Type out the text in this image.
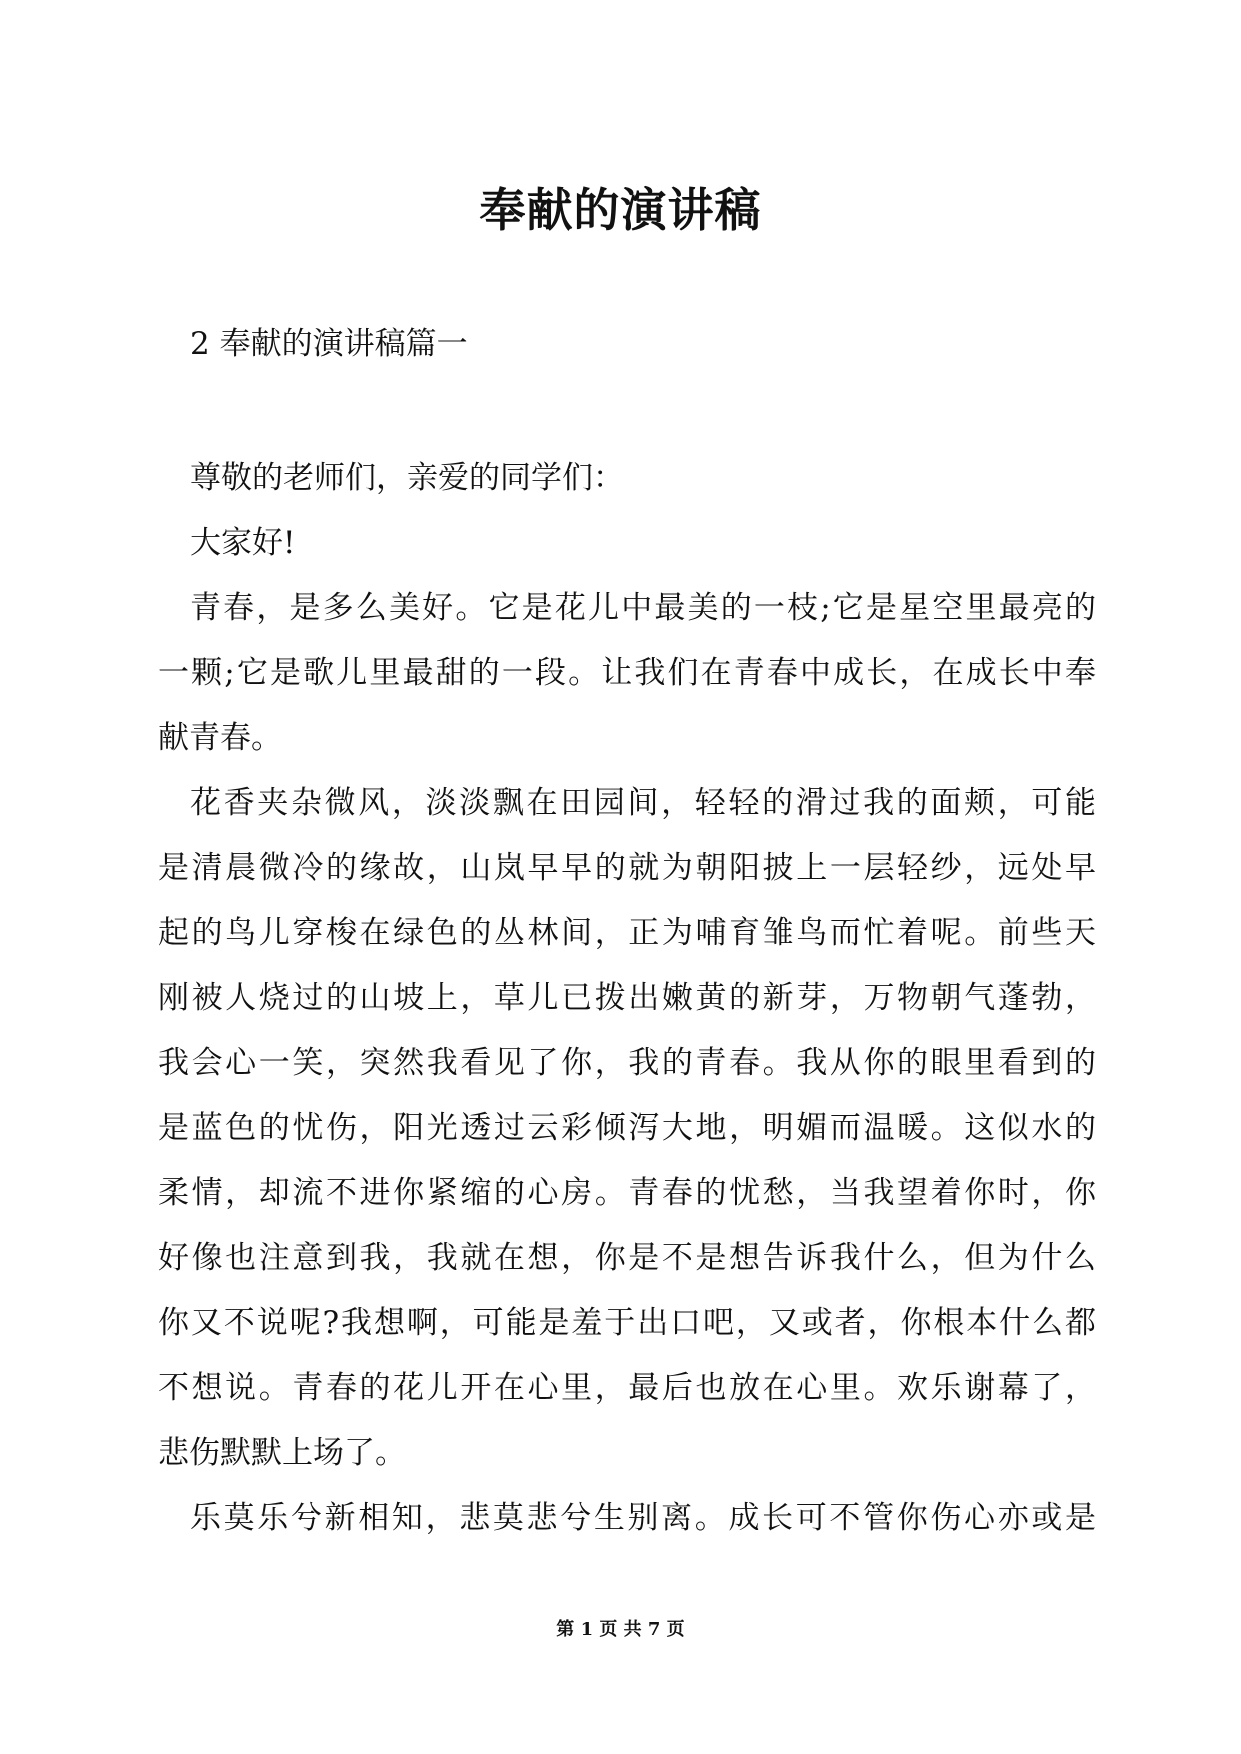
奉献的演讲稿
2 奉献的演讲稿篇一
尊敬的老师们，亲爱的同学们：
大家好!
青春，是多么美好。它是花儿中最美的一枝;它是星空里最亮的
一颗;它是歌儿里最甜的一段。让我们在青春中成长，在成长中奉
献青春。
花香夹杂微风，淡淡飘在田园间，轻轻的滑过我的面颊，可能
是清晨微冷的缘故，山岚早早的就为朝阳披上一层轻纱，远处早
起的鸟儿穿梭在绿色的丛林间，正为哺育雏鸟而忙着呢。前些天
刚被人烧过的山坡上，草儿已拨出嫩黄的新芽，万物朝气蓬勃，
我会心一笑，突然我看见了你，我的青春。我从你的眼里看到的
是蓝色的忧伤，阳光透过云彩倾泻大地，明媚而温暖。这似水的
柔情，却流不进你紧缩的心房。青春的忧愁，当我望着你时，你
好像也注意到我，我就在想，你是不是想告诉我什么，但为什么
你又不说呢?我想啊，可能是羞于出口吧，又或者，你根本什么都
不想说。青春的花儿开在心里，最后也放在心里。欢乐谢幕了，
悲伤默默上场了。
乐莫乐兮新相知，悲莫悲兮生别离。成长可不管你伤心亦或是
第 1 页 共 7 页
